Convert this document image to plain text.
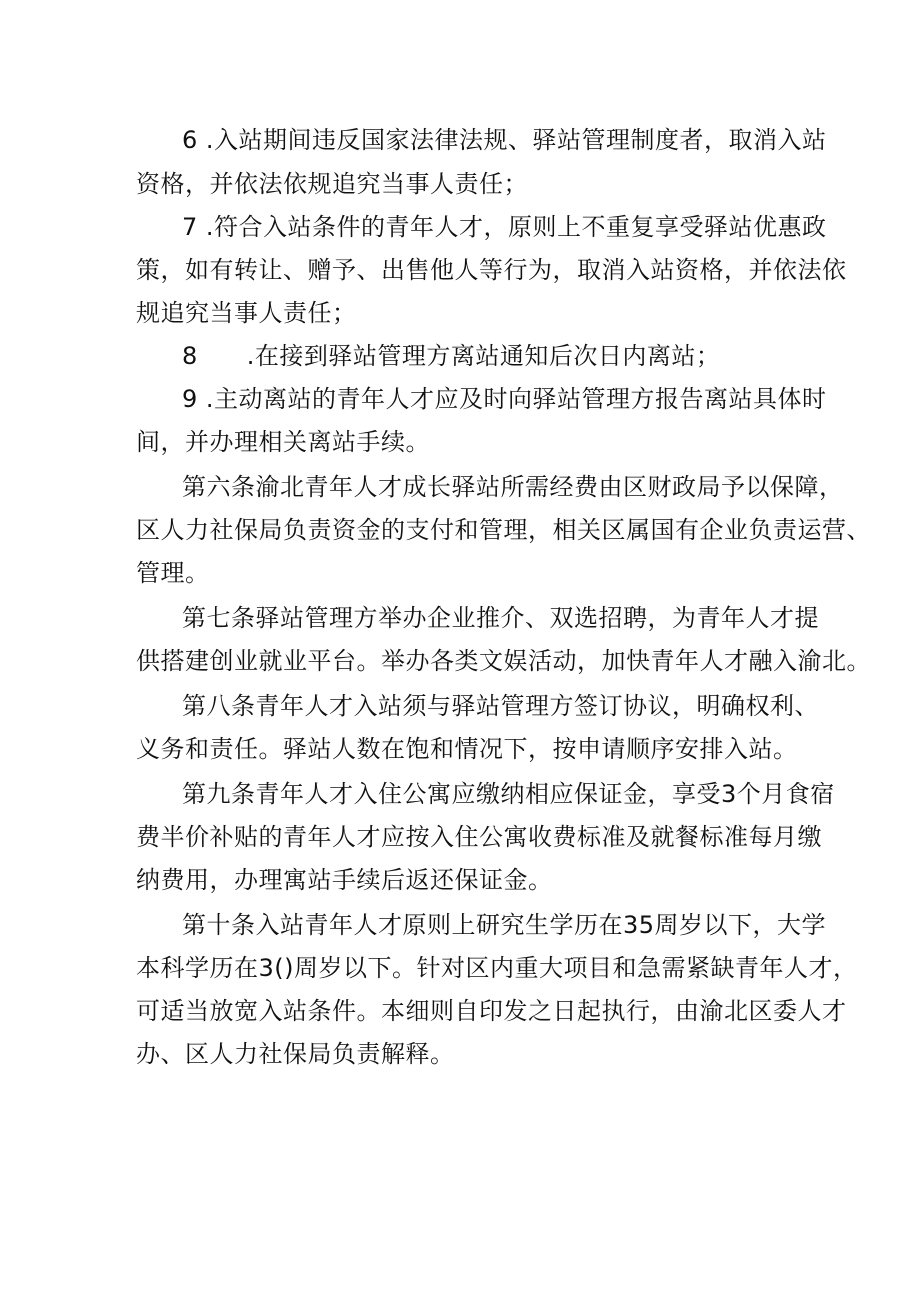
6 .入站期间违反国家法律法规、驿站管理制度者，取消入站
资格，并依法依规追究当事人责任；
7 .符合入站条件的青年人才，原则上不重复享受驿站优惠政
策，如有转让、赠予、出售他人等行为，取消入站资格，并依法依
规追究当事人责任；
8　　.在接到驿站管理方离站通知后次日内离站；
9 .主动离站的青年人才应及时向驿站管理方报告离站具体时
间，并办理相关离站手续。
第六条渝北青年人才成长驿站所需经费由区财政局予以保障，
区人力社保局负责资金的支付和管理，相关区属国有企业负责运营、
管理。
第七条驿站管理方举办企业推介、双选招聘，为青年人才提
供搭建创业就业平台。举办各类文娱活动，加快青年人才融入渝北。
第八条青年人才入站须与驿站管理方签订协议，明确权利、
义务和责任。驿站人数在饱和情况下，按申请顺序安排入站。
第九条青年人才入住公寓应缴纳相应保证金，享受3个月食宿
费半价补贴的青年人才应按入住公寓收费标准及就餐标准每月缴
纳费用，办理寓站手续后返还保证金。
第十条入站青年人才原则上研究生学历在35周岁以下，大学
本科学历在3()周岁以下。针对区内重大项目和急需紧缺青年人才，
可适当放宽入站条件。本细则自印发之日起执行，由渝北区委人才
办、区人力社保局负责解释。
